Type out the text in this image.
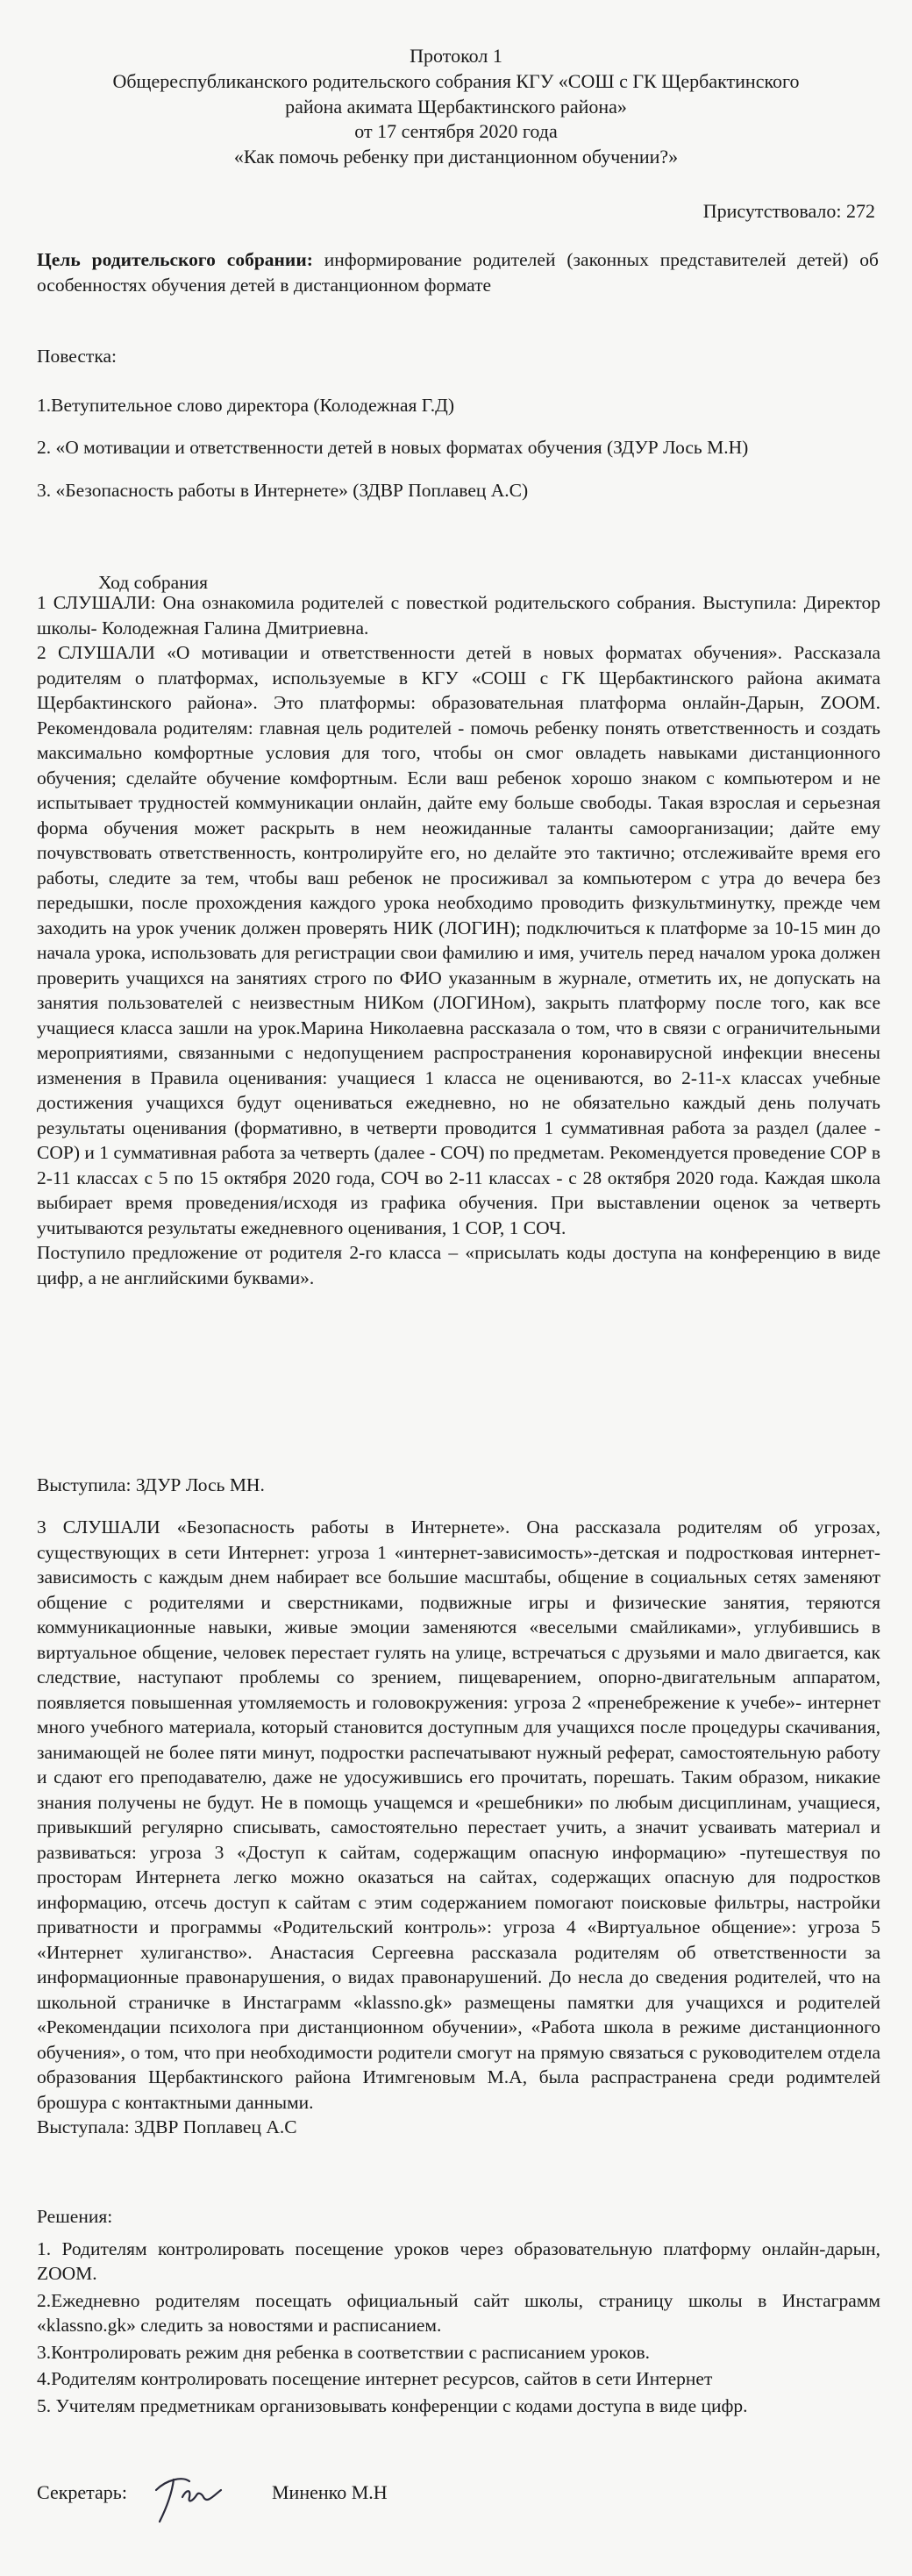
Протокол 1
Общереспубликанского родительского собрания КГУ «СОШ с ГК Щербактинского
района акимата Щербактинского района»
от 17 сентября 2020 года
«Как помочь ребенку при дистанционном обучении?»
Присутствовало: 272

Цель родительского собрании: информирование родителей (законных представителей детей) об особенностях обучения детей в дистанционном формате

Повестка:
1.Ветупительное слово директора (Колодежная Г.Д)
2. «О мотивации и ответственности детей в новых форматах обучения (ЗДУР Лось М.Н)
3. «Безопасность работы в Интернете» (ЗДВР Поплавец А.С)
Ход собрания

1 СЛУШАЛИ: Она ознакомила родителей с повесткой родительского собрания. Выступила: Директор школы- Колодежная Галина Дмитриевна.

2 СЛУШАЛИ «О мотивации и ответственности детей в новых форматах обучения». Рассказала родителям о платформах, используемые в КГУ «СОШ с ГК Щербактинского района акимата Щербактинского района». Это платформы: образовательная платформа онлайн-Дарын, ZOOM. Рекомендовала родителям: главная цель родителей - помочь ребенку понять ответственность и создать максимально комфортные условия для того, чтобы он смог овладеть навыками дистанционного обучения; сделайте обучение комфортным. Если ваш ребенок хорошо знаком с компьютером и не испытывает трудностей коммуникации онлайн, дайте ему больше свободы. Такая взрослая и серьезная форма обучения может раскрыть в нем неожиданные таланты самоорганизации; дайте ему почувствовать ответственность, контролируйте его, но делайте это тактично; отслеживайте время его работы, следите за тем, чтобы ваш ребенок не просиживал за компьютером с утра до вечера без передышки, после прохождения каждого урока необходимо проводить физкультминутку, прежде чем заходить на урок ученик должен проверять НИК (ЛОГИН); подключиться к платформе за 10-15 мин до начала урока, использовать для регистрации свои фамилию и имя, учитель перед началом урока должен проверить учащихся на занятиях строго по ФИО указанным в журнале, отметить их, не допускать на занятия пользователей с неизвестным НИКом (ЛОГИНом), закрыть платформу после того, как все учащиеся класса зашли на урок.Марина Николаевна рассказала о том, что в связи с ограничительными мероприятиями, связанными с недопущением распространения коронавирусной инфекции внесены изменения в Правила оценивания: учащиеся 1 класса не оцениваются, во 2-11-х классах учебные достижения учащихся будут оцениваться ежедневно, но не обязательно каждый день получать результаты оценивания (формативно, в четверти проводится 1 суммативная работа за раздел (далее - СОР) и 1 суммативная работа за четверть (далее - СОЧ) по предметам. Рекомендуется проведение СОР в 2-11 классах с 5 по 15 октября 2020 года, СОЧ во 2-11 классах - с 28 октября 2020 года. Каждая школа выбирает время проведения/исходя из графика обучения. При выставлении оценок за четверть учитываются результаты ежедневного оценивания, 1 СОР, 1 СОЧ.

Поступило предложение от родителя 2-го класса – «присылать коды доступа на конференцию в виде цифр, а не английскими буквами».

Выступила: ЗДУР Лось МН.

3 СЛУШАЛИ «Безопасность работы в Интернете». Она рассказала родителям об угрозах, существующих в сети Интернет: угроза 1 «интернет-зависимость»-детская и подростковая интернет-зависимость с каждым днем набирает все большие масштабы, общение в социальных сетях заменяют общение с родителями и сверстниками, подвижные игры и физические занятия, теряются коммуникационные навыки, живые эмоции заменяются «веселыми смайликами», углубившись в виртуальное общение, человек перестает гулять на улице, встречаться с друзьями и мало двигается, как следствие, наступают проблемы со зрением, пищеварением, опорно-двигательным аппаратом, появляется повышенная утомляемость и головокружения: угроза 2 «пренебрежение к учебе»- интернет много учебного материала, который становится доступным для учащихся после процедуры скачивания, занимающей не более пяти минут, подростки распечатывают нужный реферат, самостоятельную работу и сдают его преподавателю, даже не удосужившись его прочитать, порешать. Таким образом, никакие знания получены не будут. Не в помощь учащемся и «решебники» по любым дисциплинам, учащиеся, привыкший регулярно списывать, самостоятельно перестает учить, а значит усваивать материал и развиваться: угроза 3 «Доступ к сайтам, содержащим опасную информацию» -путешествуя по просторам Интернета легко можно оказаться на сайтах, содержащих опасную для подростков информацию, отсечь доступ к сайтам с этим содержанием помогают поисковые фильтры, настройки приватности и программы «Родительский контроль»: угроза 4 «Виртуальное общение»: угроза 5 «Интернет хулиганство». Анастасия Сергеевна рассказала родителям об ответственности за информационные правонарушения, о видах правонарушений. До несла до сведения родителей, что на школьной страничке в Инстаграмм «klassno.gk» размещены памятки для учащихся и родителей «Рекомендации психолога при дистанционном обучении», «Работа школа в режиме дистанционного обучения», о том, что при необходимости родители смогут на прямую связаться с руководителем отдела образования Щербактинского района Итимгеновым М.А, была распрастранена среди родимтелей брошура с контактными данными.

Выступала: ЗДВР Поплавец А.С

Решения:

1. Родителям контролировать посещение уроков через образовательную платформу онлайн-дарын, ZOOM.

2.Ежедневно родителям посещать официальный сайт школы, страницу школы в Инстаграмм «klassno.gk» следить за новостями и расписанием.

3.Контролировать режим дня ребенка в соответствии с расписанием уроков.

4.Родителям контролировать посещение интернет ресурсов, сайтов в сети Интернет

5. Учителям предметникам организовывать конференции с кодами доступа в виде цифр.

Секретарь:	Миненко М.Н
